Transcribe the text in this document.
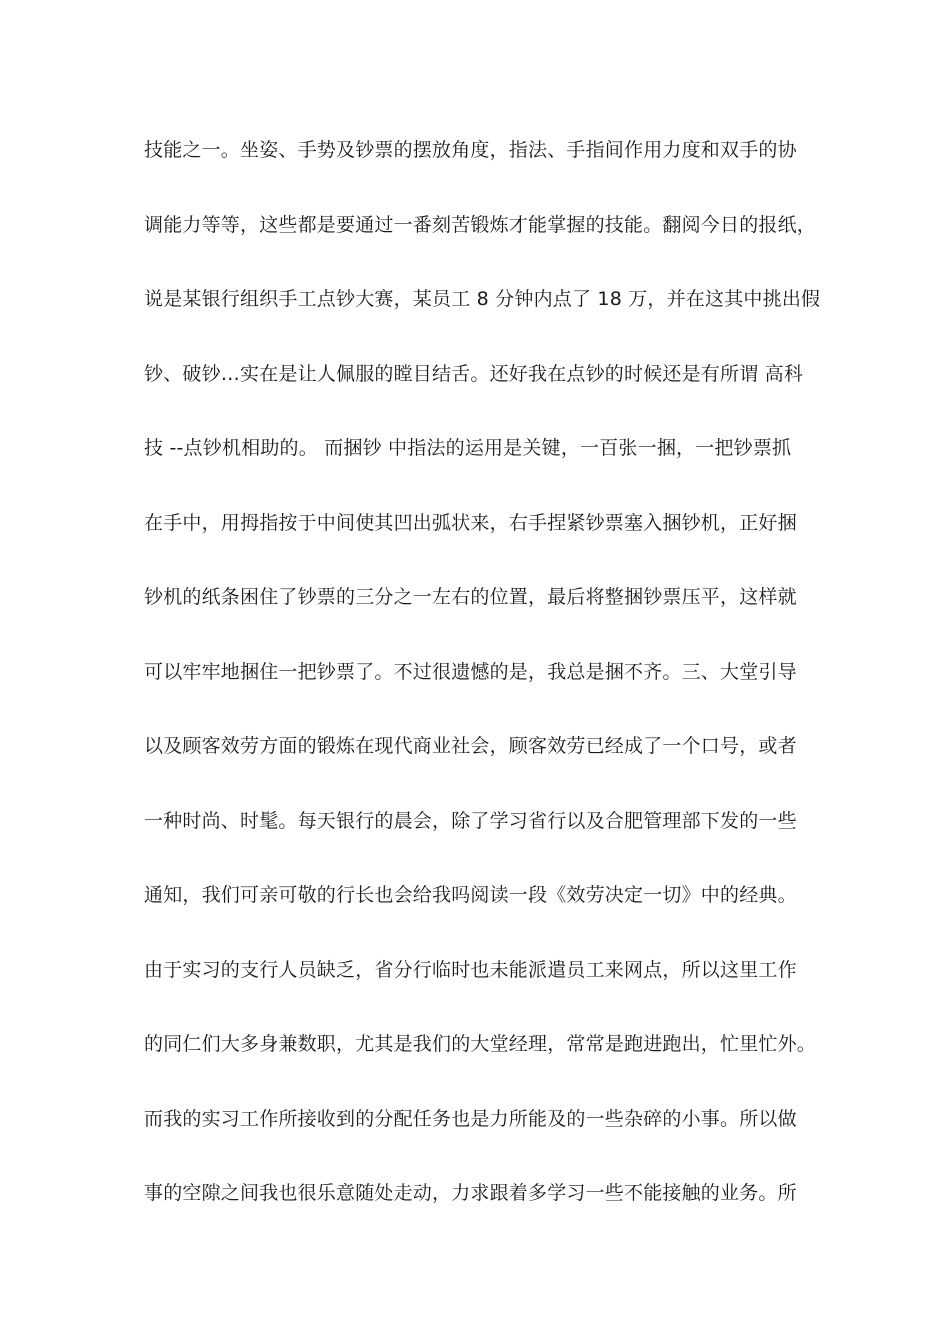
技能之一。坐姿、手势及钞票的摆放角度，指法、手指间作用力度和双手的协
调能力等等，这些都是要通过一番刻苦锻炼才能掌握的技能。翻阅今日的报纸，
说是某银行组织手工点钞大赛，某员工 8 分钟内点了 18 万，并在这其中挑出假
钞、破钞…实在是让人佩服的瞠目结舌。还好我在点钞的时候还是有所谓 高科
技 --点钞机相助的。 而捆钞 中指法的运用是关键，一百张一捆，一把钞票抓
在手中，用拇指按于中间使其凹出弧状来，右手捏紧钞票塞入捆钞机，正好捆
钞机的纸条困住了钞票的三分之一左右的位置，最后将整捆钞票压平，这样就
可以牢牢地捆住一把钞票了。不过很遗憾的是，我总是捆不齐。三、大堂引导
以及顾客效劳方面的锻炼在现代商业社会，顾客效劳已经成了一个口号，或者
一种时尚、时髦。每天银行的晨会，除了学习省行以及合肥管理部下发的一些
通知，我们可亲可敬的行长也会给我吗阅读一段《效劳决定一切》中的经典。
由于实习的支行人员缺乏，省分行临时也未能派遣员工来网点，所以这里工作
的同仁们大多身兼数职，尤其是我们的大堂经理，常常是跑进跑出，忙里忙外。
而我的实习工作所接收到的分配任务也是力所能及的一些杂碎的小事。所以做
事的空隙之间我也很乐意随处走动，力求跟着多学习一些不能接触的业务。所
